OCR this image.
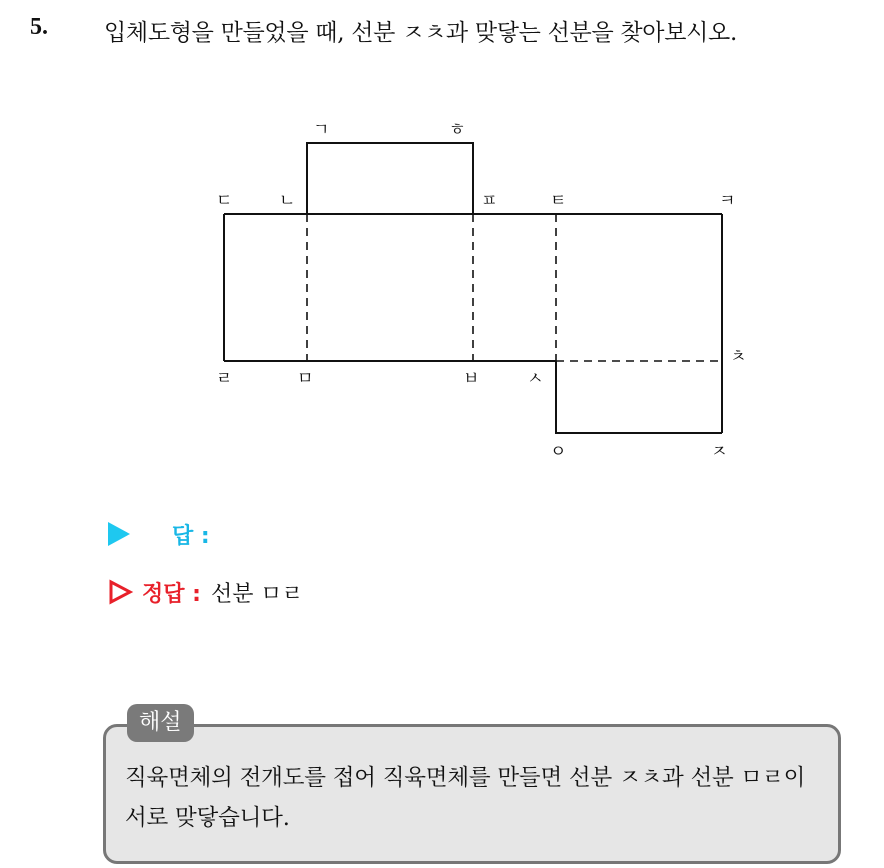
5. 입체도형을 만들었을 때, 선분 ㅈㅊ과 맞닿는 선분을 찾아보시오.
ㄱ	ㅎ
ㄷ	ㄴ	ㅍ	ㅌ	ㅋ
ㅊ
ㄹ	ㅁ	ㅂ	ㅅ
ㅇ	ㅈ
답 :
정답 : 선분 ㅁㄹ
해설
직육면체의 전개도를 접어 직육면체를 만들면 선분 ㅈㅊ과 선분 ㅁㄹ이 서로 맞닿습니다.
